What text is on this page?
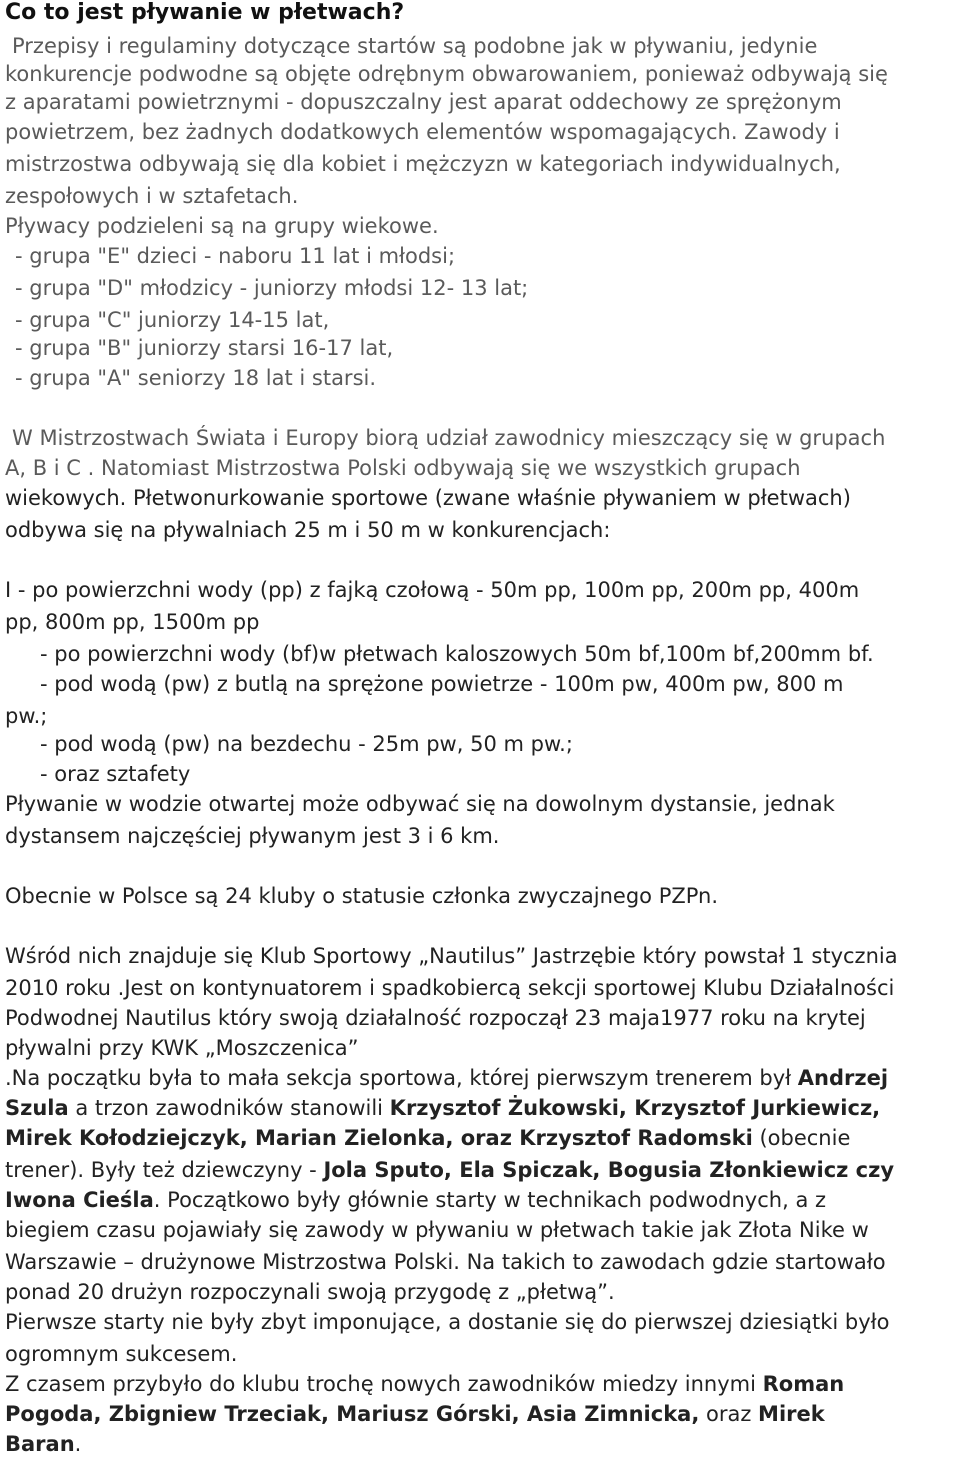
Co to jest pływanie w płetwach?
Przepisy i regulaminy dotyczące startów są podobne jak w pływaniu, jedynie
konkurencje podwodne są objęte odrębnym obwarowaniem, ponieważ odbywają się
z aparatami powietrznymi - dopuszczalny jest aparat oddechowy ze sprężonym
powietrzem, bez żadnych dodatkowych elementów wspomagających. Zawody i
mistrzostwa odbywają się dla kobiet i mężczyzn w kategoriach indywidualnych,
zespołowych i w sztafetach.
Pływacy podzieleni są na grupy wiekowe.
- grupa "E" dzieci - naboru 11 lat i młodsi;
- grupa "D" młodzicy - juniorzy młodsi 12- 13 lat;
- grupa "C" juniorzy 14-15 lat,
- grupa "B" juniorzy starsi 16-17 lat,
- grupa "A" seniorzy 18 lat i starsi.
W Mistrzostwach Świata i Europy biorą udział zawodnicy mieszczący się w grupach
A, B i C . Natomiast Mistrzostwa Polski odbywają się we wszystkich grupach
wiekowych. Płetwonurkowanie sportowe (zwane właśnie pływaniem w płetwach)
odbywa się na pływalniach 25 m i 50 m w konkurencjach:
I - po powierzchni wody (pp) z fajką czołową - 50m pp, 100m pp, 200m pp, 400m
pp, 800m pp, 1500m pp
- po powierzchni wody (bf)w płetwach kaloszowych 50m bf,100m bf,200mm bf.
- pod wodą (pw) z butlą na sprężone powietrze - 100m pw, 400m pw, 800 m
pw.;
- pod wodą (pw) na bezdechu - 25m pw, 50 m pw.;
- oraz sztafety
Pływanie w wodzie otwartej może odbywać się na dowolnym dystansie, jednak
dystansem najczęściej pływanym jest 3 i 6 km.
Obecnie w Polsce są 24 kluby o statusie członka zwyczajnego PZPn.
Wśród nich znajduje się Klub Sportowy „Nautilus” Jastrzębie który powstał 1 stycznia
2010 roku .Jest on kontynuatorem i spadkobiercą sekcji sportowej Klubu Działalności
Podwodnej Nautilus który swoją działalność rozpoczął 23 maja1977 roku na krytej
pływalni przy KWK „Moszczenica”
.Na początku była to mała sekcja sportowa, której pierwszym trenerem był Andrzej
Szula a trzon zawodników stanowili Krzysztof Żukowski, Krzysztof Jurkiewicz,
Mirek Kołodziejczyk, Marian Zielonka, oraz Krzysztof Radomski (obecnie
trener). Były też dziewczyny - Jola Sputo, Ela Spiczak, Bogusia Złonkiewicz czy
Iwona Cieśla. Początkowo były głównie starty w technikach podwodnych, a z
biegiem czasu pojawiały się zawody w pływaniu w płetwach takie jak Złota Nike w
Warszawie – drużynowe Mistrzostwa Polski. Na takich to zawodach gdzie startowało
ponad 20 drużyn rozpoczynali swoją przygodę z „płetwą”.
Pierwsze starty nie były zbyt imponujące, a dostanie się do pierwszej dziesiątki było
ogromnym sukcesem.
Z czasem przybyło do klubu trochę nowych zawodników miedzy innymi Roman
Pogoda, Zbigniew Trzeciak, Mariusz Górski, Asia Zimnicka, oraz Mirek
Baran.
